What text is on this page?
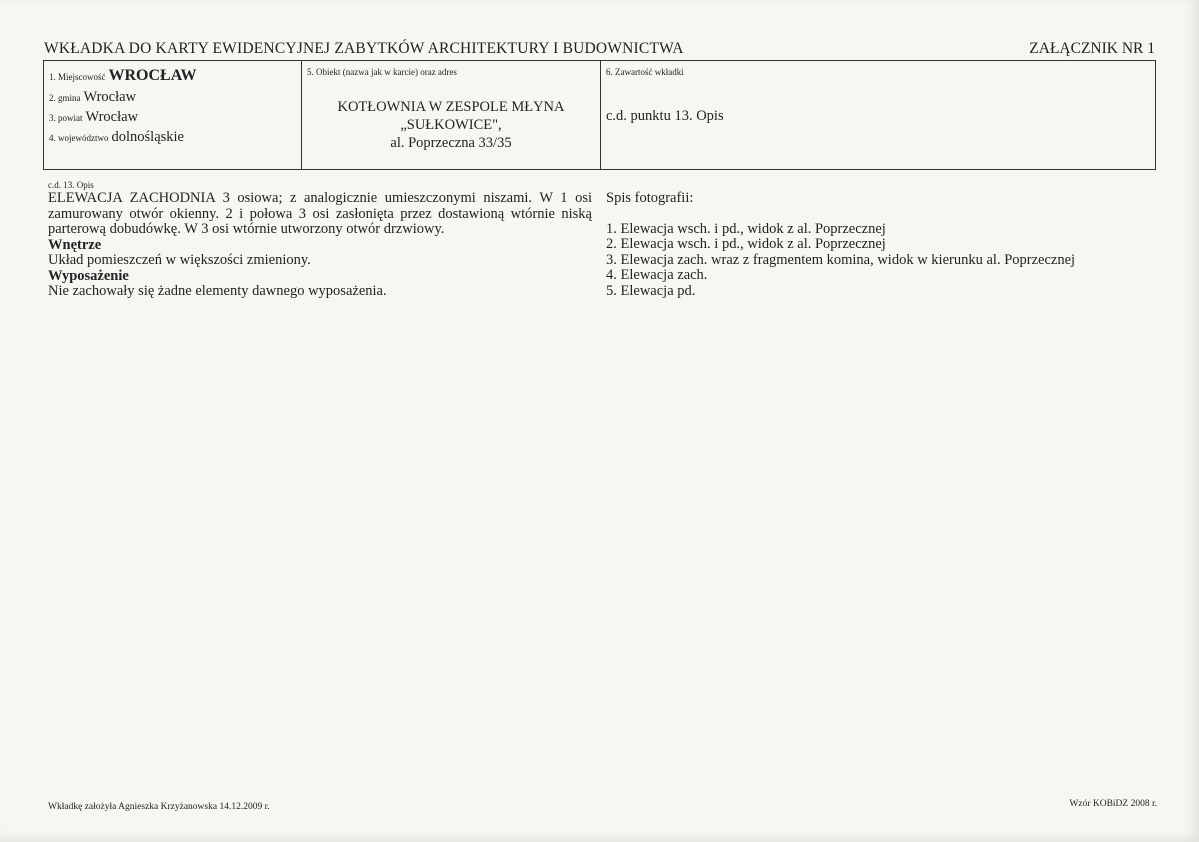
WKŁADKA DO KARTY EWIDENCYJNEJ ZABYTKÓW ARCHITEKTURY I BUDOWNICTWA	ZAŁĄCZNIK NR 1
1. Miejscowość WROCŁAW
2. gmina Wrocław
3. powiat Wrocław
4. województwo dolnośląskie
5. Obiekt (nazwa jak w karcie) oraz adres
KOTŁOWNIA W ZESPOLE MŁYNA
„SUŁKOWICE",
al. Poprzeczna 33/35
6. Zawartość wkładki
c.d. punktu 13. Opis
c.d. 13. Opis

ELEWACJA ZACHODNIA 3 osiowa; z analogicznie umieszczonymi niszami. W 1 osi zamurowany otwór okienny. 2 i połowa 3 osi zasłonięta przez dostawioną wtórnie niską parterową dobudówkę. W 3 osi wtórnie utworzony otwór drzwiowy.

Wnętrze

Układ pomieszczeń w większości zmieniony.

Wyposażenie

Nie zachowały się żadne elementy dawnego wyposażenia.

Spis fotografii:

1. Elewacja wsch. i pd., widok z al. Poprzecznej

2. Elewacja wsch. i pd., widok z al. Poprzecznej

3. Elewacja zach. wraz z fragmentem komina, widok w kierunku al. Poprzecznej

4. Elewacja zach.

5. Elewacja pd.

Wkładkę założyła Agnieszka Krzyżanowska 14.12.2009 r.	Wzór KOBiDZ 2008 r.
